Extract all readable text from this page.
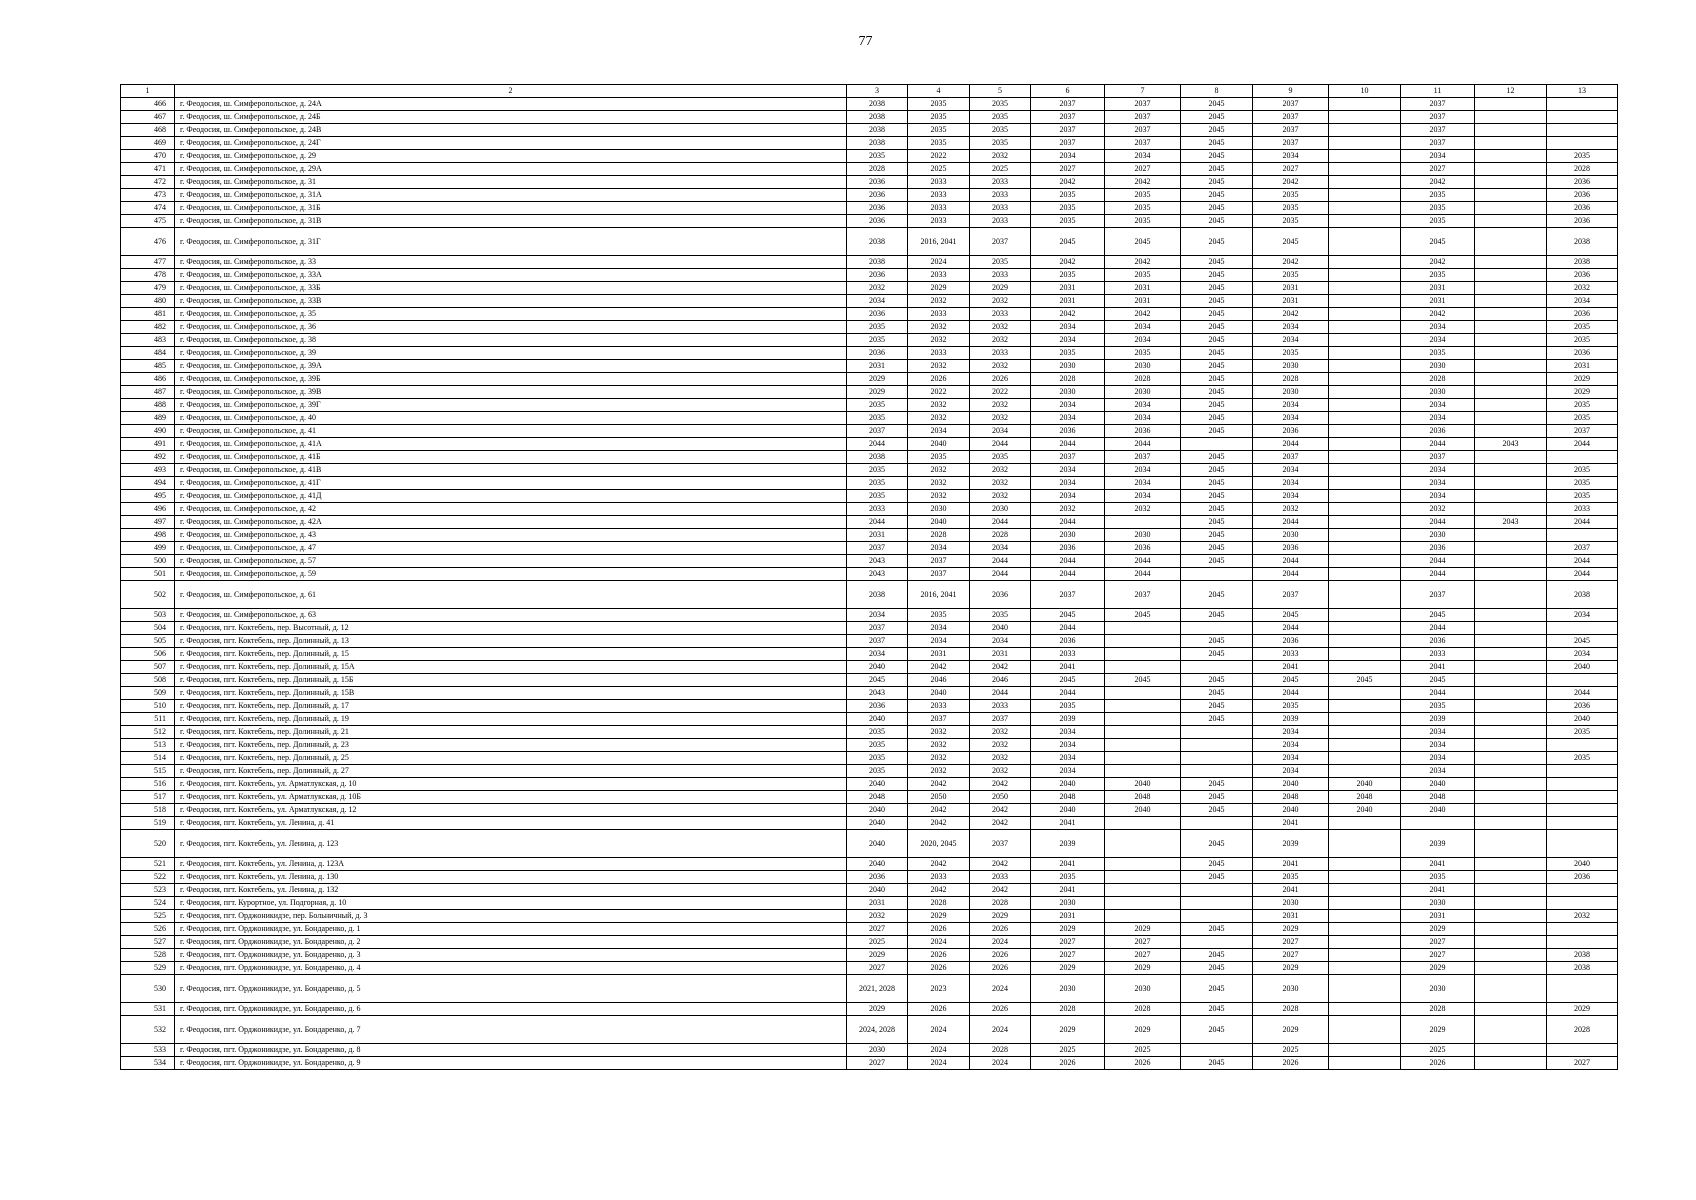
77
1	2	3	4	5	6	7	8	9	10	11	12	13
466	г. Феодосия, ш. Симферопольское, д. 24А	2038	2035	2035	2037	2037	2045	2037		2037		
467	г. Феодосия, ш. Симферопольское, д. 24Б	2038	2035	2035	2037	2037	2045	2037		2037		
468	г. Феодосия, ш. Симферопольское, д. 24В	2038	2035	2035	2037	2037	2045	2037		2037		
469	г. Феодосия, ш. Симферопольское, д. 24Г	2038	2035	2035	2037	2037	2045	2037		2037		
470	г. Феодосия, ш. Симферопольское, д. 29	2035	2022	2032	2034	2034	2045	2034		2034		2035
471	г. Феодосия, ш. Симферопольское, д. 29А	2028	2025	2025	2027	2027	2045	2027		2027		2028
472	г. Феодосия, ш. Симферопольское, д. 31	2036	2033	2033	2042	2042	2045	2042		2042		2036
473	г. Феодосия, ш. Симферопольское, д. 31А	2036	2033	2033	2035	2035	2045	2035		2035		2036
474	г. Феодосия, ш. Симферопольское, д. 31Б	2036	2033	2033	2035	2035	2045	2035		2035		2036
475	г. Феодосия, ш. Симферопольское, д. 31В	2036	2033	2033	2035	2035	2045	2035		2035		2036
476	г. Феодосия, ш. Симферопольское, д. 31Г	2038	2016, 2041	2037	2045	2045	2045	2045		2045		2038
477	г. Феодосия, ш. Симферопольское, д. 33	2038	2024	2035	2042	2042	2045	2042		2042		2038
478	г. Феодосия, ш. Симферопольское, д. 33А	2036	2033	2033	2035	2035	2045	2035		2035		2036
479	г. Феодосия, ш. Симферопольское, д. 33Б	2032	2029	2029	2031	2031	2045	2031		2031		2032
480	г. Феодосия, ш. Симферопольское, д. 33В	2034	2032	2032	2031	2031	2045	2031		2031		2034
481	г. Феодосия, ш. Симферопольское, д. 35	2036	2033	2033	2042	2042	2045	2042		2042		2036
482	г. Феодосия, ш. Симферопольское, д. 36	2035	2032	2032	2034	2034	2045	2034		2034		2035
483	г. Феодосия, ш. Симферопольское, д. 38	2035	2032	2032	2034	2034	2045	2034		2034		2035
484	г. Феодосия, ш. Симферопольское, д. 39	2036	2033	2033	2035	2035	2045	2035		2035		2036
485	г. Феодосия, ш. Симферопольское, д. 39А	2031	2032	2032	2030	2030	2045	2030		2030		2031
486	г. Феодосия, ш. Симферопольское, д. 39Б	2029	2026	2026	2028	2028	2045	2028		2028		2029
487	г. Феодосия, ш. Симферопольское, д. 39В	2029	2022	2022	2030	2030	2045	2030		2030		2029
488	г. Феодосия, ш. Симферопольское, д. 39Г	2035	2032	2032	2034	2034	2045	2034		2034		2035
489	г. Феодосия, ш. Симферопольское, д. 40	2035	2032	2032	2034	2034	2045	2034		2034		2035
490	г. Феодосия, ш. Симферопольское, д. 41	2037	2034	2034	2036	2036	2045	2036		2036		2037
491	г. Феодосия, ш. Симферопольское, д. 41А	2044	2040	2044	2044	2044		2044		2044	2043	2044
492	г. Феодосия, ш. Симферопольское, д. 41Б	2038	2035	2035	2037	2037	2045	2037		2037		
493	г. Феодосия, ш. Симферопольское, д. 41В	2035	2032	2032	2034	2034	2045	2034		2034		2035
494	г. Феодосия, ш. Симферопольское, д. 41Г	2035	2032	2032	2034	2034	2045	2034		2034		2035
495	г. Феодосия, ш. Симферопольское, д. 41Д	2035	2032	2032	2034	2034	2045	2034		2034		2035
496	г. Феодосия, ш. Симферопольское, д. 42	2033	2030	2030	2032	2032	2045	2032		2032		2033
497	г. Феодосия, ш. Симферопольское, д. 42А	2044	2040	2044	2044		2045	2044		2044	2043	2044
498	г. Феодосия, ш. Симферопольское, д. 43	2031	2028	2028	2030	2030	2045	2030		2030		
499	г. Феодосия, ш. Симферопольское, д. 47	2037	2034	2034	2036	2036	2045	2036		2036		2037
500	г. Феодосия, ш. Симферопольское, д. 57	2043	2037	2044	2044	2044	2045	2044		2044		2044
501	г. Феодосия, ш. Симферопольское, д. 59	2043	2037	2044	2044	2044		2044		2044		2044
502	г. Феодосия, ш. Симферопольское, д. 61	2038	2016, 2041	2036	2037	2037	2045	2037		2037		2038
503	г. Феодосия, ш. Симферопольское, д. 63	2034	2035	2035	2045	2045	2045	2045		2045		2034
504	г. Феодосия, пгт. Коктебель, пер. Высотный, д. 12	2037	2034	2040	2044			2044		2044		
505	г. Феодосия, пгт. Коктебель, пер. Долинный, д. 13	2037	2034	2034	2036		2045	2036		2036		2045
506	г. Феодосия, пгт. Коктебель, пер. Долинный, д. 15	2034	2031	2031	2033		2045	2033		2033		2034
507	г. Феодосия, пгт. Коктебель, пер. Долинный, д. 15А	2040	2042	2042	2041			2041		2041		2040
508	г. Феодосия, пгт. Коктебель, пер. Долинный, д. 15Б	2045	2046	2046	2045	2045	2045	2045	2045	2045		
509	г. Феодосия, пгт. Коктебель, пер. Долинный, д. 15В	2043	2040	2044	2044		2045	2044		2044		2044
510	г. Феодосия, пгт. Коктебель, пер. Долинный, д. 17	2036	2033	2033	2035		2045	2035		2035		2036
511	г. Феодосия, пгт. Коктебель, пер. Долинный, д. 19	2040	2037	2037	2039		2045	2039		2039		2040
512	г. Феодосия, пгт. Коктебель, пер. Долинный, д. 21	2035	2032	2032	2034			2034		2034		2035
513	г. Феодосия, пгт. Коктебель, пер. Долинный, д. 23	2035	2032	2032	2034			2034		2034		
514	г. Феодосия, пгт. Коктебель, пер. Долинный, д. 25	2035	2032	2032	2034			2034		2034		2035
515	г. Феодосия, пгт. Коктебель, пер. Долинный, д. 27	2035	2032	2032	2034			2034		2034		
516	г. Феодосия, пгт. Коктебель, ул. Арматлукская, д. 10	2040	2042	2042	2040	2040	2045	2040	2040	2040		
517	г. Феодосия, пгт. Коктебель, ул. Арматлукская, д. 10Б	2048	2050	2050	2048	2048	2045	2048	2048	2048		
518	г. Феодосия, пгт. Коктебель, ул. Арматлукская, д. 12	2040	2042	2042	2040	2040	2045	2040	2040	2040		
519	г. Феодосия, пгт. Коктебель, ул. Ленина, д. 41	2040	2042	2042	2041			2041				
520	г. Феодосия, пгт. Коктебель, ул. Ленина, д. 123	2040	2020, 2045	2037	2039		2045	2039		2039		
521	г. Феодосия, пгт. Коктебель, ул. Ленина, д. 123А	2040	2042	2042	2041		2045	2041		2041		2040
522	г. Феодосия, пгт. Коктебель, ул. Ленина, д. 130	2036	2033	2033	2035		2045	2035		2035		2036
523	г. Феодосия, пгт. Коктебель, ул. Ленина, д. 132	2040	2042	2042	2041			2041		2041		
524	г. Феодосия, пгт. Курортное, ул. Подгорная, д. 10	2031	2028	2028	2030			2030		2030		
525	г. Феодосия, пгт. Орджоникидзе, пер. Больничный, д. 3	2032	2029	2029	2031			2031		2031		2032
526	г. Феодосия, пгт. Орджоникидзе, ул. Бондаренко, д. 1	2027	2026	2026	2029	2029	2045	2029		2029		
527	г. Феодосия, пгт. Орджоникидзе, ул. Бондаренко, д. 2	2025	2024	2024	2027	2027		2027		2027		
528	г. Феодосия, пгт. Орджоникидзе, ул. Бондаренко, д. 3	2029	2026	2026	2027	2027	2045	2027		2027		2038
529	г. Феодосия, пгт. Орджоникидзе, ул. Бондаренко, д. 4	2027	2026	2026	2029	2029	2045	2029		2029		2038
530	г. Феодосия, пгт. Орджоникидзе, ул. Бондаренко, д. 5	2021, 2028	2023	2024	2030	2030	2045	2030		2030		
531	г. Феодосия, пгт. Орджоникидзе, ул. Бондаренко, д. 6	2029	2026	2026	2028	2028	2045	2028		2028		2029
532	г. Феодосия, пгт. Орджоникидзе, ул. Бондаренко, д. 7	2024, 2028	2024	2024	2029	2029	2045	2029		2029		2028
533	г. Феодосия, пгт. Орджоникидзе, ул. Бондаренко, д. 8	2030	2024	2028	2025	2025		2025		2025		
534	г. Феодосия, пгт. Орджоникидзе, ул. Бондаренко, д. 9	2027	2024	2024	2026	2026	2045	2026		2026		2027
